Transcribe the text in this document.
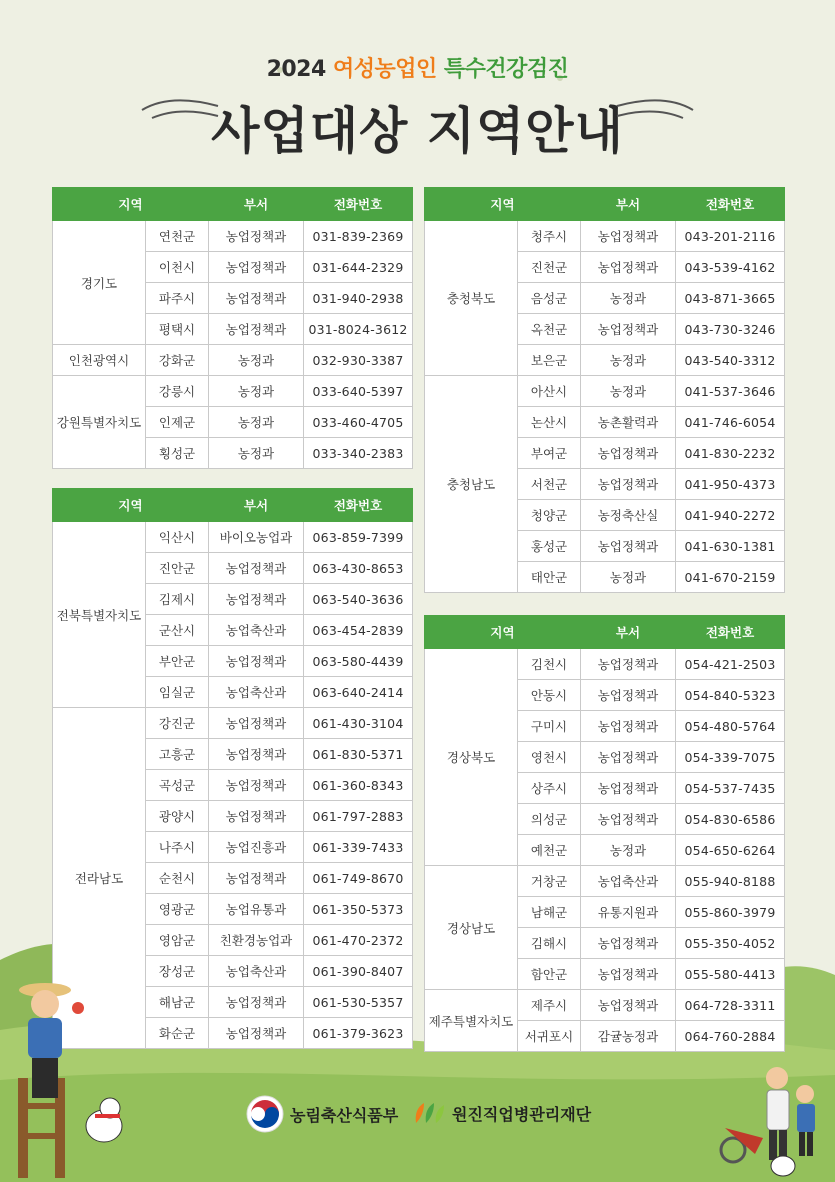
2024 여성농업인 특수건강검진
사업대상 지역안내
지역		부서	전화번호
경기도	연천군	농업정책과	031-839-2369
	이천시	농업정책과	031-644-2329
	파주시	농업정책과	031-940-2938
	평택시	농업정책과	031-8024-3612
인천광역시	강화군	농정과	032-930-3387
강원특별자치도	강릉시	농정과	033-640-5397
	인제군	농정과	033-460-4705
	횡성군	농정과	033-340-2383
지역		부서	전화번호
전북특별자치도	익산시	바이오농업과	063-859-7399
	진안군	농업정책과	063-430-8653
	김제시	농업정책과	063-540-3636
	군산시	농업축산과	063-454-2839
	부안군	농업정책과	063-580-4439
	임실군	농업축산과	063-640-2414
전라남도	강진군	농업정책과	061-430-3104
	고흥군	농업정책과	061-830-5371
	곡성군	농업정책과	061-360-8343
	광양시	농업정책과	061-797-2883
	나주시	농업진흥과	061-339-7433
	순천시	농업정책과	061-749-8670
	영광군	농업유통과	061-350-5373
	영암군	친환경농업과	061-470-2372
	장성군	농업축산과	061-390-8407
	해남군	농업정책과	061-530-5357
	화순군	농업정책과	061-379-3623
지역		부서	전화번호
충청북도	청주시	농업정책과	043-201-2116
	진천군	농업정책과	043-539-4162
	음성군	농정과	043-871-3665
	옥천군	농업정책과	043-730-3246
	보은군	농정과	043-540-3312
충청남도	아산시	농정과	041-537-3646
	논산시	농촌활력과	041-746-6054
	부여군	농업정책과	041-830-2232
	서천군	농업정책과	041-950-4373
	청양군	농정축산실	041-940-2272
	홍성군	농업정책과	041-630-1381
	태안군	농정과	041-670-2159
지역		부서	전화번호
경상북도	김천시	농업정책과	054-421-2503
	안동시	농업정책과	054-840-5323
	구미시	농업정책과	054-480-5764
	영천시	농업정책과	054-339-7075
	상주시	농업정책과	054-537-7435
	의성군	농업정책과	054-830-6586
	예천군	농정과	054-650-6264
경상남도	거창군	농업축산과	055-940-8188
	남해군	유통지원과	055-860-3979
	김해시	농업정책과	055-350-4052
	함안군	농업정책과	055-580-4413
제주특별자치도	제주시	농업정책과	064-728-3311
	서귀포시	감귤농정과	064-760-2884
농림축산식품부	원진직업병관리재단
